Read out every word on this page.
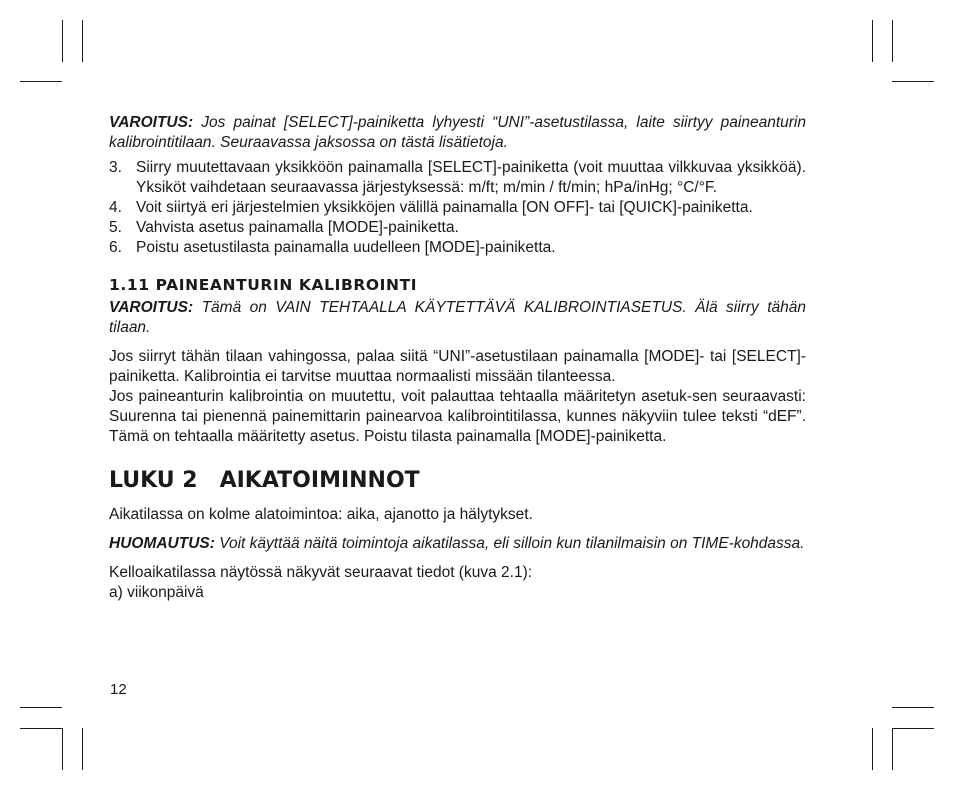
VAROITUS: Jos painat [SELECT]-painiketta lyhyesti “UNI”-asetustilassa, laite siirtyy paineanturin kalibrointitilaan. Seuraavassa jaksossa on tästä lisätietoja.

3. Siirry muutettavaan yksikköön painamalla [SELECT]-painiketta (voit muuttaa vilkkuvaa yksikköä). Yksiköt vaihdetaan seuraavassa järjestyksessä: m/ft; m/min / ft/min; hPa/inHg; °C/°F.
4. Voit siirtyä eri järjestelmien yksikköjen välillä painamalla [ON OFF]- tai [QUICK]-painiketta.
5. Vahvista asetus painamalla [MODE]-painiketta.
6. Poistu asetustilasta painamalla uudelleen [MODE]-painiketta.
1.11 PAINEANTURIN KALIBROINTI

VAROITUS: Tämä on VAIN TEHTAALLA KÄYTETTÄVÄ KALIBROINTIASETUS. Älä siirry tähän tilaan.

Jos siirryt tähän tilaan vahingossa, palaa siitä “UNI”-asetustilaan painamalla [MODE]- tai [SELECT]-painiketta. Kalibrointia ei tarvitse muuttaa normaalisti missään tilanteessa.

Jos paineanturin kalibrointia on muutettu, voit palauttaa tehtaalla määritetyn asetuk-sen seuraavasti: Suurenna tai pienennä painemittarin painearvoa kalibrointitilassa, kunnes näkyviin tulee teksti “dEF”. Tämä on tehtaalla määritetty asetus. Poistu tilasta painamalla [MODE]-painiketta.

LUKU 2 AIKATOIMINNOT

Aikatilassa on kolme alatoimintoa: aika, ajanotto ja hälytykset.

HUOMAUTUS: Voit käyttää näitä toimintoja aikatilassa, eli silloin kun tilanilmaisin on TIME-kohdassa.

Kelloaikatilassa näytössä näkyvät seuraavat tiedot (kuva 2.1):

a) viikonpäivä

12
